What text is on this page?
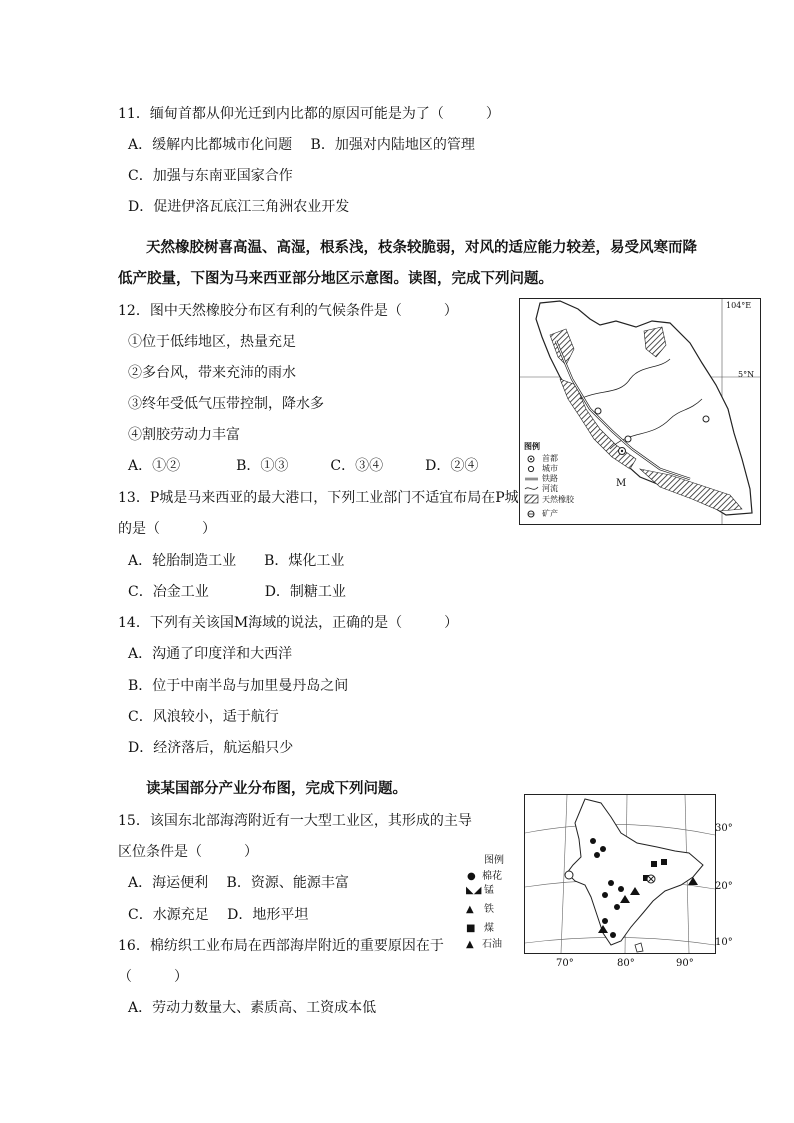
11．缅甸首都从仰光迁到内比都的原因可能是为了（　　　）
A．缓解内比都城市化问题　 B．加强对内陆地区的管理
C．加强与东南亚国家合作
D．促进伊洛瓦底江三角洲农业开发
天然橡胶树喜高温、高湿，根系浅，枝条较脆弱，对风的适应能力较差，易受风寒而降
低产胶量，下图为马来西亚部分地区示意图。读图，完成下列问题。
12．图中天然橡胶分布区有利的气候条件是（　　　）
①位于低纬地区，热量充足
②多台风，带来充沛的雨水
③终年受低气压带控制，降水多
④割胶劳动力丰富
A．①②　　　　B．①③　　　C．③④　　　D．②④
13．P城是马来西亚的最大港口，下列工业部门不适宜布局在P城
的是（　　　）
A．轮胎制造工业　　B．煤化工业
C．冶金工业　　　　D．制糖工业
14．下列有关该国M海域的说法，正确的是（　　　）
A．沟通了印度洋和大西洋
B．位于中南半岛与加里曼丹岛之间
C．风浪较小，适于航行
D．经济落后，航运船只少
读某国部分产业分布图，完成下列问题。
15．该国东北部海湾附近有一大型工业区，其形成的主导
区位条件是（　　　）
A．海运便利　 B．资源、能源丰富
C．水源充足　 D．地形平坦
16．棉纺织工业布局在西部海岸附近的重要原因在于
（　　　）
A．劳动力数量大、素质高、工资成本低
图例
首都
城市
铁路
河流
天然橡胶
矿产
104°E
5°N
M
30°
20°
10°
70°	80°	90°
图例
● 棉花
◣◢ 锰
▲ 铁
■ 煤
▲ 石油
